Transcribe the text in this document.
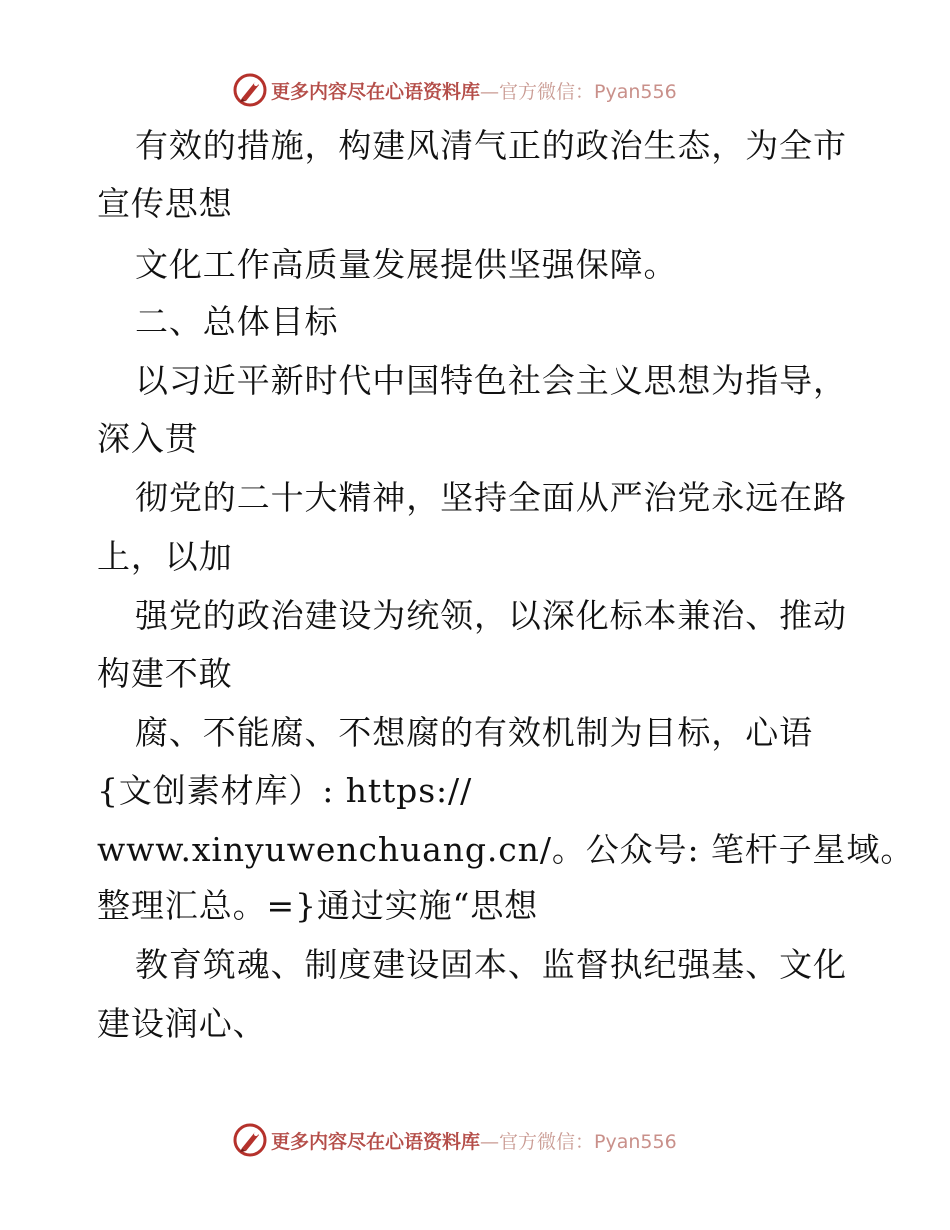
更多内容尽在心语资料库—官方微信：Pyan556
有效的措施，构建风清气正的政治生态，为全市
宣传思想
文化工作高质量发展提供坚强保障。
二、总体目标
以习近平新时代中国特色社会主义思想为指导，
深入贯
彻党的二十大精神，坚持全面从严治党永远在路
上，以加
强党的政治建设为统领，以深化标本兼治、推动
构建不敢
腐、不能腐、不想腐的有效机制为目标，心语
{文创素材库）: https://
www.xinyuwenchuang.cn/。公众号: 笔杆子星域。
整理汇总。=}通过实施“思想
教育筑魂、制度建设固本、监督执纪强基、文化
建设润心、
更多内容尽在心语资料库—官方微信：Pyan556
